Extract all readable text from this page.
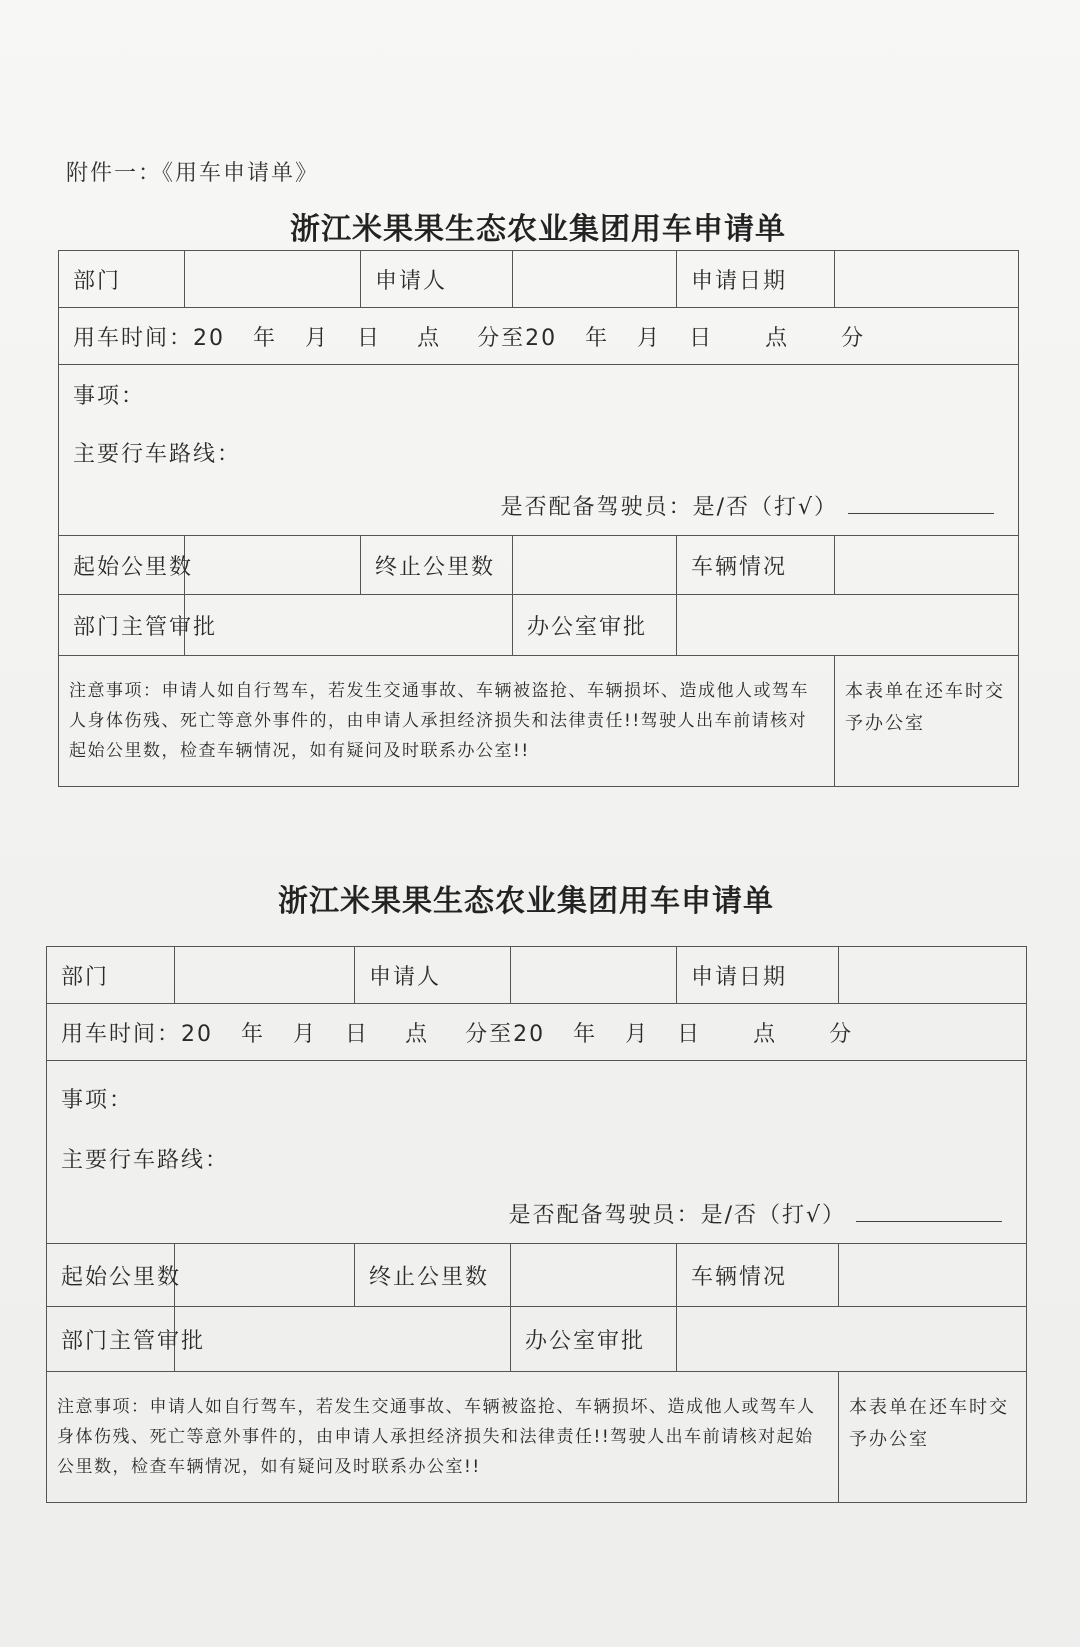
附件一：《用车申请单》
浙江米果果生态农业集团用车申请单
部门		申请人		申请日期	
用车时间：20 年 月 日 点 分至20 年 月 日 点 分					

事项：
主要行车路线：
是否配备驾驶员：是/否（打√）					

起始公里数		终止公里数		车辆情况	
部门主管审批			办公室审批		
注意事项：申请人如自行驾车，若发生交通事故、车辆被盗抢、车辆损坏、造成他人或驾车人身体伤残、死亡等意外事件的，由申请人承担经济损失和法律责任!!驾驶人出车前请核对起始公里数，检查车辆情况，如有疑问及时联系办公室!!					本表单在还车时交予办公室
浙江米果果生态农业集团用车申请单
部门		申请人		申请日期	
用车时间：20 年 月 日 点 分至20 年 月 日 点 分					

事项：
主要行车路线：
是否配备驾驶员：是/否（打√）					

起始公里数		终止公里数		车辆情况	
部门主管审批			办公室审批		
注意事项：申请人如自行驾车，若发生交通事故、车辆被盗抢、车辆损坏、造成他人或驾车人身体伤残、死亡等意外事件的，由申请人承担经济损失和法律责任!!驾驶人出车前请核对起始公里数，检查车辆情况，如有疑问及时联系办公室!!					本表单在还车时交予办公室
